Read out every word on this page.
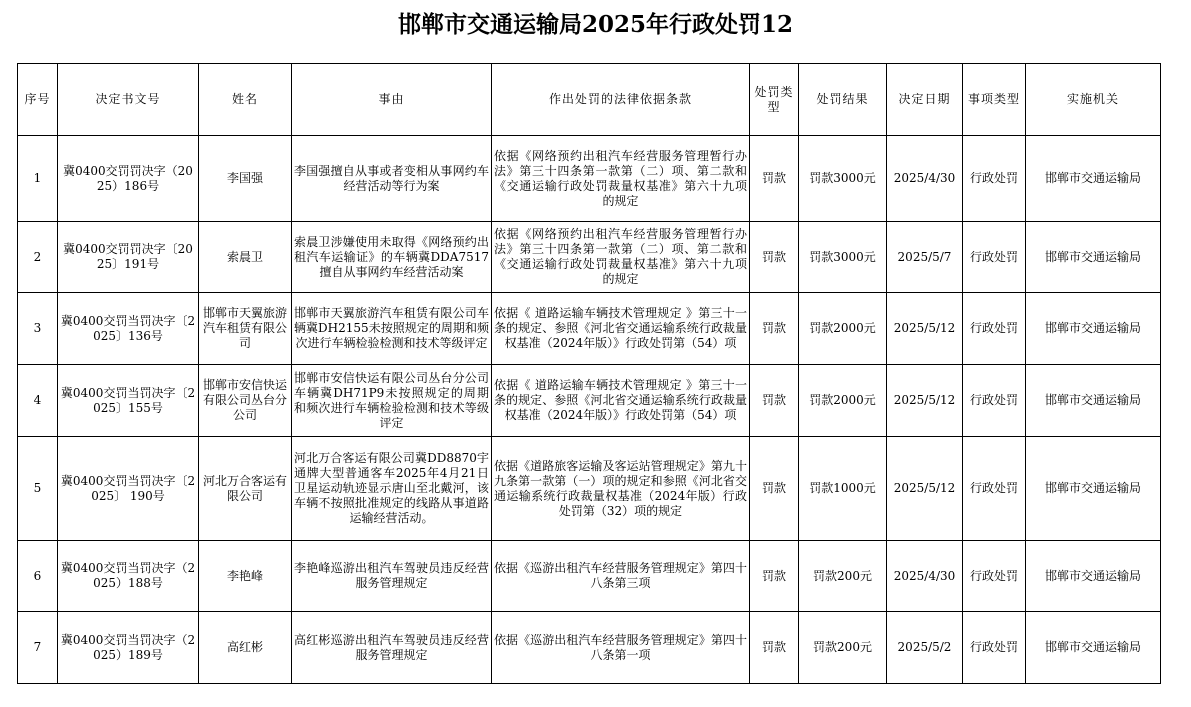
邯郸市交通运输局2025年行政处罚12
序号	决定书文号	姓名	事由	作出处罚的法律依据条款	处罚类型	处罚结果	决定日期	事项类型	实施机关
1	冀0400交罚罚决字（2025）186号	李国强	李国强擅自从事或者变相从事网约车经营活动等行为案	依据《网络预约出租汽车经营服务管理暂行办法》第三十四条第一款第（二）项、第二款和《交通运输行政处罚裁量权基准》第六十九项 的规定	罚款	罚款3000元	2025/4/30	行政处罚	邯郸市交通运输局
2	冀0400交罚罚决字〔2025〕191号	索晨卫	索晨卫涉嫌使用未取得《网络预约出租汽车运输证》的车辆冀DDA7517擅自从事网约车经营活动案	依据《网络预约出租汽车经营服务管理暂行办法》第三十四条第一款第（二）项、第二款和《交通运输行政处罚裁量权基准》第六十九项 的规定	罚款	罚款3000元	2025/5/7	行政处罚	邯郸市交通运输局
3	冀0400交罚当罚决字〔2025〕136号	邯郸市天翼旅游汽车租赁有限公司	邯郸市天翼旅游汽车租赁有限公司车辆冀DH2155未按照规定的周期和频次进行车辆检验检测和技术等级评定	依据《 道路运输车辆技术管理规定 》第三十一条的规定、参照《河北省交通运输系统行政裁量权基准（2024年版）》行政处罚第（54）项	罚款	罚款2000元	2025/5/12	行政处罚	邯郸市交通运输局
4	冀0400交罚当罚决字〔2025〕155号	邯郸市安信快运有限公司丛台分公司	邯郸市安信快运有限公司丛台分公司车辆冀DH71P9未按照规定的周期和频次进行车辆检验检测和技术等级评定	依据《 道路运输车辆技术管理规定 》第三十一条的规定、参照《河北省交通运输系统行政裁量权基准（2024年版）》行政处罚第（54）项	罚款	罚款2000元	2025/5/12	行政处罚	邯郸市交通运输局
5	冀0400交罚当罚决字〔2025〕 190号	河北万合客运有限公司	河北万合客运有限公司冀DD8870宇通牌大型普通客车2025年4月21日卫星运动轨迹显示唐山至北戴河，该车辆不按照批准规定的线路从事道路运输经营活动。	依据《道路旅客运输及客运站管理规定》第九十九条第一款第（一）项的规定和参照《河北省交通运输系统行政裁量权基准（2024年版）行政处罚第（32）项的规定	罚款	罚款1000元	2025/5/12	行政处罚	邯郸市交通运输局
6	冀0400交罚当罚决字（2025）188号	李艳峰	李艳峰巡游出租汽车驾驶员违反经营服务管理规定	依据《巡游出租汽车经营服务管理规定》第四十八条第三项	罚款	罚款200元	2025/4/30	行政处罚	邯郸市交通运输局
7	冀0400交罚当罚决字（2025）189号	高红彬	高红彬巡游出租汽车驾驶员违反经营服务管理规定	依据《巡游出租汽车经营服务管理规定》第四十八条第一项	罚款	罚款200元	2025/5/2	行政处罚	邯郸市交通运输局
